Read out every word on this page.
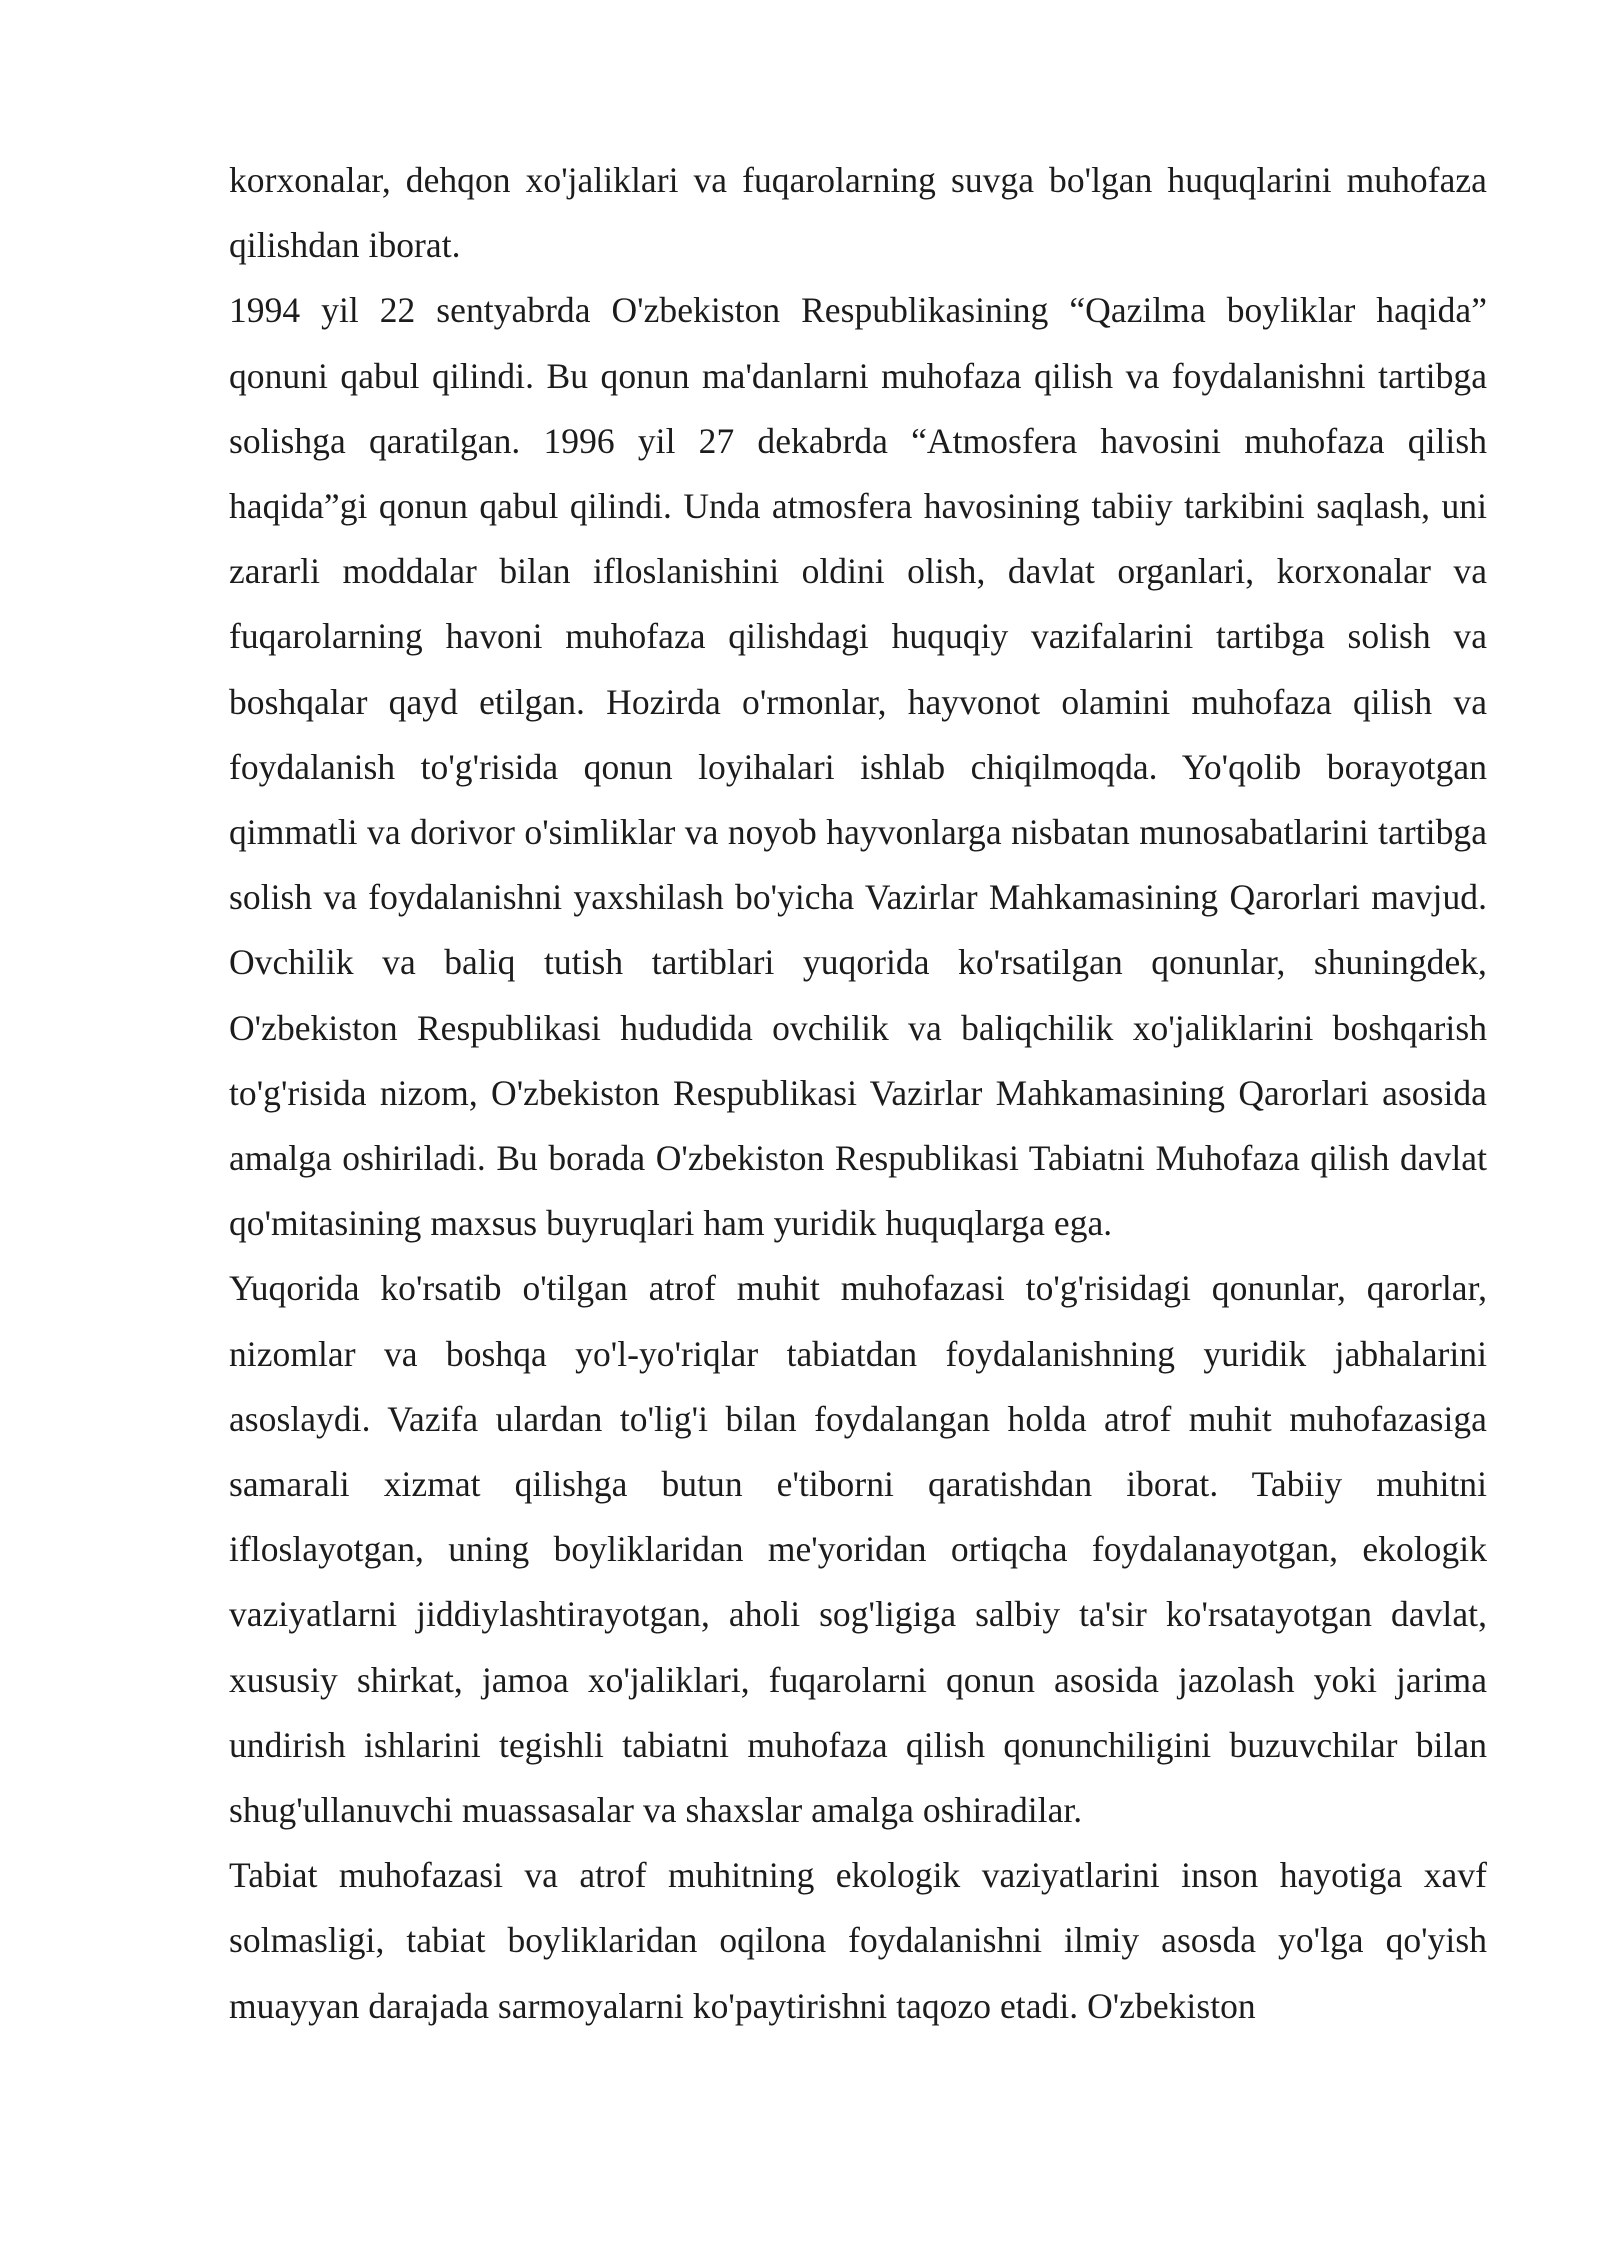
korxonalar, dehqon xo'jaliklari va fuqarolarning suvga bo'lgan huquqlarini muhofaza qilishdan iborat.

1994 yil 22 sentyabrda O'zbekiston Respublikasining “Qazilma boyliklar haqida” qonuni qabul qilindi. Bu qonun ma'danlarni muhofaza qilish va foydalanishni tartibga solishga qaratilgan. 1996 yil 27 dekabrda “Atmosfera havosini muhofaza qilish haqida”gi qonun qabul qilindi. Unda atmosfera havosining tabiiy tarkibini saqlash, uni zararli moddalar bilan ifloslanishini oldini olish, davlat organlari, korxonalar va fuqarolarning havoni muhofaza qilishdagi huquqiy vazifalarini tartibga solish va boshqalar qayd etilgan. Hozirda o'rmonlar, hayvonot olamini muhofaza qilish va foydalanish to'g'risida qonun loyihalari ishlab chiqilmoqda. Yo'qolib borayotgan qimmatli va dorivor o'simliklar va noyob hayvonlarga nisbatan munosabatlarini tartibga solish va foydalanishni yaxshilash bo'yicha Vazirlar Mahkamasining Qarorlari mavjud. Ovchilik va baliq tutish tartiblari yuqorida ko'rsatilgan qonunlar, shuningdek, O'zbekiston Respublikasi hududida ovchilik va baliqchilik xo'jaliklarini boshqarish to'g'risida nizom, O'zbekiston Respublikasi Vazirlar Mahkamasining Qarorlari asosida amalga oshiriladi. Bu borada O'zbekiston Respublikasi Tabiatni Muhofaza qilish davlat qo'mitasining maxsus buyruqlari ham yuridik huquqlarga ega.

Yuqorida ko'rsatib o'tilgan atrof muhit muhofazasi to'g'risidagi qonunlar, qarorlar, nizomlar va boshqa yo'l-yo'riqlar tabiatdan foydalanishning yuridik jabhalarini asoslaydi. Vazifa ulardan to'lig'i bilan foydalangan holda atrof muhit muhofazasiga samarali xizmat qilishga butun e'tiborni qaratishdan iborat. Tabiiy muhitni ifloslayotgan, uning boyliklaridan me'yoridan ortiqcha foydalanayotgan, ekologik vaziyatlarni jiddiylashtirayotgan, aholi sog'ligiga salbiy ta'sir ko'rsatayotgan davlat, xususiy shirkat, jamoa xo'jaliklari, fuqarolarni qonun asosida jazolash yoki jarima undirish ishlarini tegishli tabiatni muhofaza qilish qonunchiligini buzuvchilar bilan shug'ullanuvchi muassasalar va shaxslar amalga oshiradilar.

Tabiat muhofazasi va atrof muhitning ekologik vaziyatlarini inson hayotiga xavf solmasligi, tabiat boyliklaridan oqilona foydalanishni ilmiy asosda yo'lga qo'yish muayyan darajada sarmoyalarni ko'paytirishni taqozo etadi. O'zbekiston
